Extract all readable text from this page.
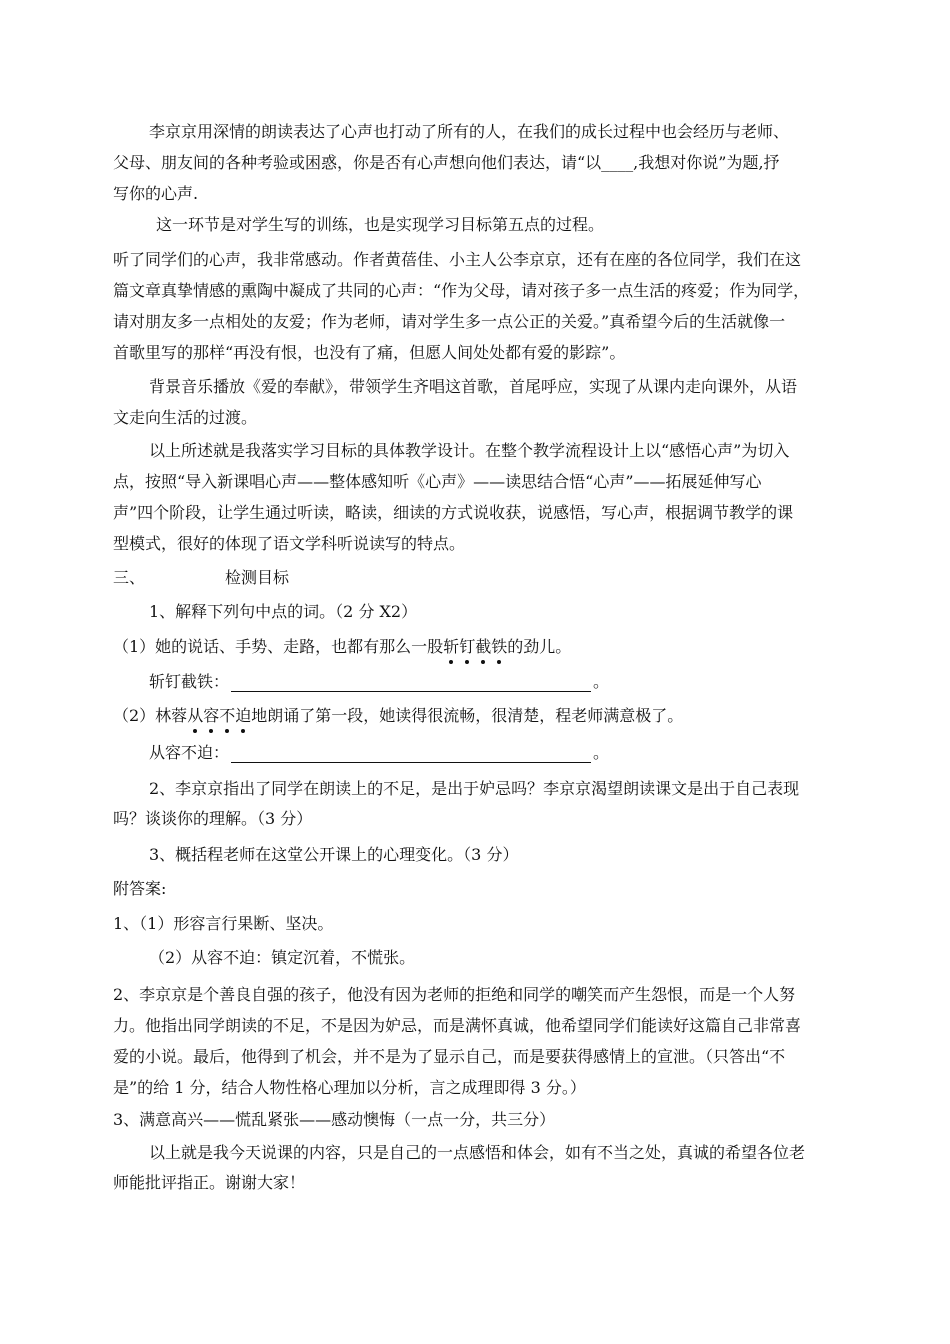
李京京用深情的朗读表达了心声也打动了所有的人，在我们的成长过程中也会经历与老师、
父母、朋友间的各种考验或困惑，你是否有心声想向他们表达，请“以____,我想对你说”为题,抒
写你的心声.
这一环节是对学生写的训练，也是实现学习目标第五点的过程。
听了同学们的心声，我非常感动。作者黄蓓佳、小主人公李京京，还有在座的各位同学，我们在这
篇文章真挚情感的熏陶中凝成了共同的心声：“作为父母，请对孩子多一点生活的疼爱；作为同学，
请对朋友多一点相处的友爱；作为老师，请对学生多一点公正的关爱。”真希望今后的生活就像一
首歌里写的那样“再没有恨，也没有了痛，但愿人间处处都有爱的影踪”。
背景音乐播放《爱的奉献》，带领学生齐唱这首歌，首尾呼应，实现了从课内走向课外，从语
文走向生活的过渡。
以上所述就是我落实学习目标的具体教学设计。在整个教学流程设计上以“感悟心声”为切入
点，按照“导入新课唱心声——整体感知听《心声》——读思结合悟“心声”——拓展延伸写心
声”四个阶段，让学生通过听读，略读，细读的方式说收获，说感悟，写心声，根据调节教学的课
型模式，很好的体现了语文学科听说读写的特点。
三、	检测目标
1、解释下列句中点的词。（2 分 X2）
（1）她的说话、手势、走路，也都有那么一股斩钉截铁的劲儿。
斩钉截铁：	。
（2）林蓉从容不迫地朗诵了第一段，她读得很流畅，很清楚，程老师满意极了。
从容不迫：	。
2、李京京指出了同学在朗读上的不足，是出于妒忌吗？李京京渴望朗读课文是出于自己表现
吗？谈谈你的理解。（3 分）
3、概括程老师在这堂公开课上的心理变化。（3 分）
附答案:
1、（1）形容言行果断、坚决。
（2）从容不迫：镇定沉着，不慌张。
2、李京京是个善良自强的孩子，他没有因为老师的拒绝和同学的嘲笑而产生怨恨，而是一个人努
力。他指出同学朗读的不足，不是因为妒忌，而是满怀真诚，他希望同学们能读好这篇自己非常喜
爱的小说。最后，他得到了机会，并不是为了显示自己，而是要获得感情上的宣泄。（只答出“不
是”的给 1 分，结合人物性格心理加以分析，言之成理即得 3 分。）
3、满意高兴——慌乱紧张——感动懊悔（一点一分，共三分）
以上就是我今天说课的内容，只是自己的一点感悟和体会，如有不当之处，真诚的希望各位老
师能批评指正。谢谢大家！
